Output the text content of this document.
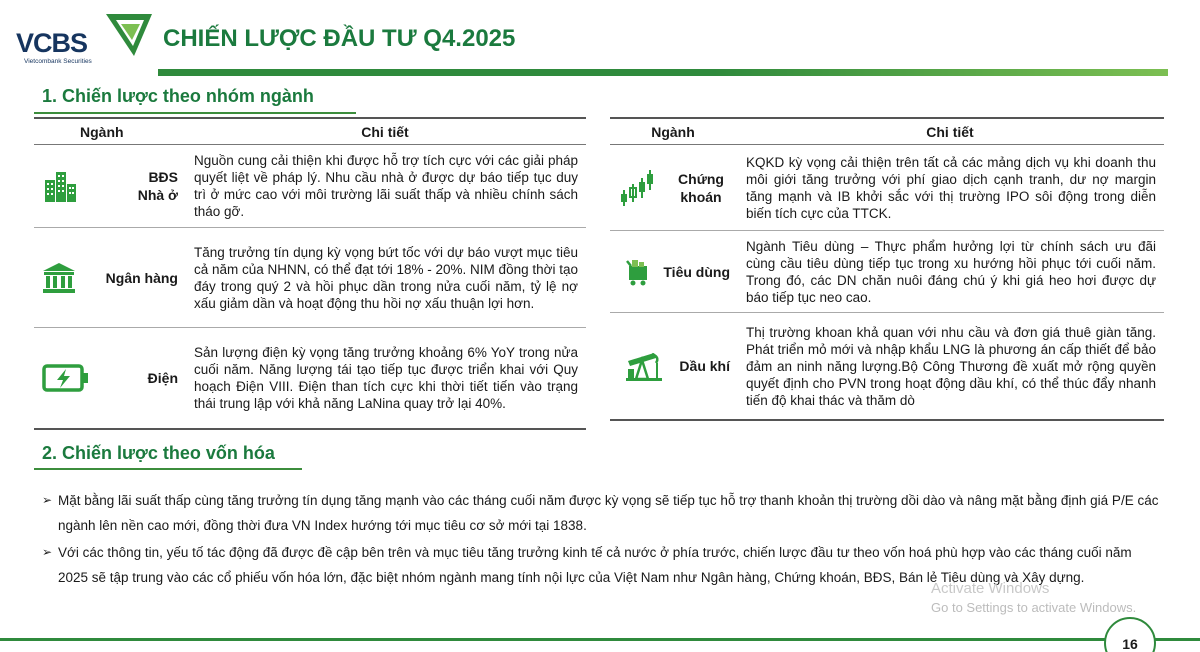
VCBS
Vietcombank Securities
CHIẾN LƯỢC ĐẦU TƯ Q4.2025
1. Chiến lược theo nhóm ngành
Ngành	Chi tiết
BĐS Nhà ở
Nguồn cung cải thiện khi được hỗ trợ tích cực với các giải pháp quyết liệt về pháp lý. Nhu cầu nhà ở được dự báo tiếp tục duy trì ở mức cao với môi trường lãi suất thấp và nhiều chính sách tháo gỡ.
Ngân hàng
Tăng trưởng tín dụng kỳ vọng bứt tốc với dự báo vượt mục tiêu cả năm của NHNN, có thể đạt tới 18% - 20%. NIM đồng thời tạo đáy trong quý 2 và hồi phục dần trong nửa cuối năm, tỷ lệ nợ xấu giảm dần và hoạt động thu hồi nợ xấu thuận lợi hơn.
Điện
Sản lượng điện kỳ vọng tăng trưởng khoảng 6% YoY trong nửa cuối năm. Năng lượng tái tạo tiếp tục được triển khai với Quy hoạch Điện VIII. Điện than tích cực khi thời tiết tiến vào trạng thái trung lập với khả năng LaNina quay trở lại 40%.
Ngành	Chi tiết
Chứng khoán
KQKD kỳ vọng cải thiện trên tất cả các mảng dịch vụ khi doanh thu môi giới tăng trưởng với phí giao dịch cạnh tranh, dư nợ margin tăng mạnh và IB khởi sắc với thị trường IPO sôi động trong diễn biến tích cực của TTCK.
Tiêu dùng
Ngành Tiêu dùng – Thực phẩm hưởng lợi từ chính sách ưu đãi cùng cầu tiêu dùng tiếp tục trong xu hướng hồi phục tới cuối năm. Trong đó, các DN chăn nuôi đáng chú ý khi giá heo hơi được dự báo tiếp tục neo cao.
Dầu khí
Thị trường khoan khả quan với nhu cầu và đơn giá thuê giàn tăng. Phát triển mỏ mới và nhập khẩu LNG là phương án cấp thiết để bảo đảm an ninh năng lượng.Bộ Công Thương đề xuất mở rộng quyền quyết định cho PVN trong hoạt động dầu khí, có thể thúc đẩy nhanh tiến độ khai thác và thăm dò
2. Chiến lược theo vốn hóa
➢ Mặt bằng lãi suất thấp cùng tăng trưởng tín dụng tăng mạnh vào các tháng cuối năm được kỳ vọng sẽ tiếp tục hỗ trợ thanh khoản thị trường dồi dào và nâng mặt bằng định giá P/E các ngành lên nền cao mới, đồng thời đưa VN Index hướng tới mục tiêu cơ sở mới tại 1838.
➢ Với các thông tin, yếu tố tác động đã được đề cập bên trên và mục tiêu tăng trưởng kinh tế cả nước ở phía trước, chiến lược đầu tư theo vốn hoá phù hợp vào các tháng cuối năm 2025 sẽ tập trung vào các cổ phiếu vốn hóa lớn, đặc biệt nhóm ngành mang tính nội lực của Việt Nam như Ngân hàng, Chứng khoán, BĐS, Bán lẻ Tiêu dùng và Xây dựng.
Activate Windows
Go to Settings to activate Windows.
16
